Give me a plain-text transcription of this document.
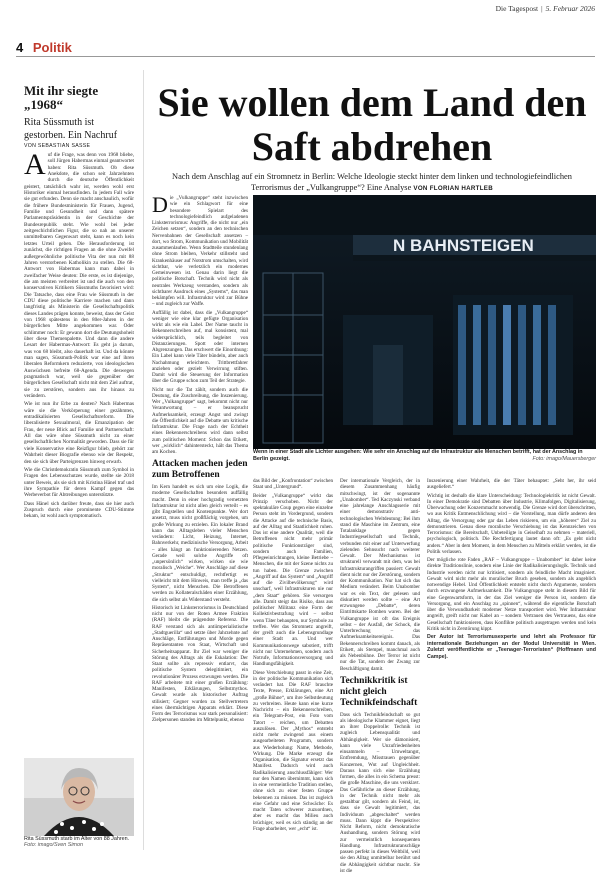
Die Tagespost | 5. Februar 2026
4 Politik
Mit ihr siegte
„1968“
Rita Süssmuth ist
gestorben. Ein Nachruf
VON SEBASTIAN SASSE

Auf die Frage, was denn von 1968 bliebe, soll Jürgen Habermas einmal geantwortet haben: Rita Süssmuth. Ob diese Anekdote, die schon seit Jahrzehnten durch die deutsche Öffentlichkeit geistert, tatsächlich wahr ist, werden wohl erst Historiker einmal herausfinden. In jedem Fall wäre sie gut erfunden. Denn sie macht anschaulich, wofür die frühere Bundesministerin für Frauen, Jugend, Familie und Gesundheit und dann spätere Parlamentspräsidentin in der Geschichte der Bundesrepublik steht. Wie wohl bei jeder zeitgeschichtlichen Figur, die so nah an unserer unmittelbaren Gegenwart steht, kann es noch kein letztes Urteil geben. Die Herausforderung ist zunächst, die richtigen Fragen an die ohne Zweifel außergewöhnliche politische Vita der nun mit 88 Jahren verstorbenen Katholikin zu stellen. Die 68-Antwort von Habermas kann man dabei in zweifacher Weise deuten: Die erste, es ist diejenige, die am meisten verbreitet ist und die auch von den konservativen Kritikern Süssmuths favorisiert wird: Die Tatsache, dass eine Frau wie Süssmuth in der CDU diese politische Karriere machen und dann langfristig als Ministerin die Gesellschaftspolitik dieses Landes prägen konnte, beweist, dass der Geist von 1968 spätestens in den 80er-Jahren in der bürgerlichen Mitte angekommen war. Oder schlimmer noch: Er gewann dort die Deutungshoheit über diese Themenpalette. Und dann die andere Lesart der Habermas-Antwort: Es geht ja darum, was von 68 bleibt, also dauerhaft ist. Und da könnte man sagen, Süssmuth-Politik war eine auf ihren liberalen Reformkern reduzierte, von ideologischen Auswüchsen befreite 68-Agenda. Die deswegen pragmatisch war, weil sie gegenüber der bürgerlichen Gesellschaft nicht mit dem Ziel auftrat, sie zu zerstören, sondern aus ihr hinaus zu verändern.

Wie ist nun ihr Erbe zu deuten? Nach Habermas wäre sie die Verkörperung einer gezähmten, entradikalisierten Gesellschaftsreform. Die liberalisierte Sexualmoral, die Emanzipation der Frau, der neue Blick auf Familie und Partnerschaft: All das wäre ohne Süssmuth nicht zu einer gesellschaftlichen Normalität geworden. Dass sie für viele Konservative eine Reizfigur blieb, gehört zur Wahrheit dieser Biografie ebenso wie der Respekt, den sie sich über Parteigrenzen hinweg erwarb.

Wie die Christdemokratin Süssmuth zum Symbol in Fragen des Lebensschutzes wurde, stellte sie 2018 unter Beweis, als sie sich mit Kristina Hänel traf und ihre Sympathie für deren Kampf gegen das Werbeverbot für Abtreibungen unterstützte.

Dass Hänel sich darüber freute, dass sie hier auch Zuspruch durch eine prominente CDU-Stimme bekam, ist wohl auch symptomatisch.

Rita Süssmuth starb im Alter von 88 Jahren.
Foto: imago/Sven Simon
Sie wollen dem Land den
Saft abdrehen
Nach dem Anschlag auf ein Stromnetz in Berlin: Welche Ideologie steckt hinter dem linken und technologiefeindlichen Terrorismus der „Vulkangruppe“? Eine Analyse VON FLORIAN HARTLEB

Die „Vulkangruppe“ steht inzwischen wie ein Schlagwort für eine besondere Spielart des technologiefeindlich aufgeladenen Linksterrorismus: Angriffe, die nicht nur „ein Zeichen setzen“, sondern an den technischen Nervenbahnen der Gesellschaft ansetzen – dort, wo Strom, Kommunikation und Mobilität zusammenlaufen. Wenn Stadtteile stundenlang ohne Strom bleiben, Verkehr stillsteht und Krankenhäuser auf Notstrom umschalten, wird sichtbar, wie verletzlich ein modernes Gemeinwesen ist. Genau darin liegt die politische Botschaft. Technik wird nicht als neutrales Werkzeug verstanden, sondern als sichtbarer Ausdruck eines „Systems“, das man bekämpfen will. Infrastruktur wird zur Bühne – und zugleich zur Waffe.

Auffällig ist dabei, dass die „Vulkangruppe“ weniger wie eine klar gefügte Organisation wirkt als wie ein Label. Der Name taucht in Bekennerschreiben auf, mal konsistent, mal widersprüchlich, teils begleitet von Distanzierungen. Spott oder internen Abgrenzungen. Das erschwert die Einordnung: Ein Label kann viele Täter bündeln, aber auch Nachahmung erleichtern. Trittbrettfahrer anziehen oder gezielt Verwirrung stiften. Damit wird die Steuerung der Information über die Gruppe schon zum Teil der Strategie.

Nicht nur die Tat zählt, sondern auch die Deutung, die Zuschreibung, die Inszenierung. Wer „Vulkangruppe“ sagt, bekommt nicht nur Verantwortung – er beansprucht Aufmerksamkeit, erzeugt Angst und zwingt die Öffentlichkeit auf die Debatte um kritische Infrastruktur. Die Frage nach der Echtheit eines Bekennerschreibens wird dann selbst zum politischen Moment: Schon das Etikett, wer „wirklich“ dahintersteckt, hält das Thema am Kochen.

Attacken machen jeden zum Betroffenen

Im Kern handelt es sich um eine Logik, die moderne Gesellschaften besonders auffällig macht. Denn in einer hochgradig vernetzten Infrastruktur ist nicht allen gleich verteilt – es gibt Engstellen und Knotenpunkte. Wer dort ansetzt, muss nicht großflächig vorgehen, um große Wirkung zu erzielen. Ein lokaler Brand kann das Alltagsleben vieler Menschen verändern: Licht, Heizung, Internet, Bahnverkehr, medizinische Versorgung, Arbeit – alles hängt an funktionierenden Netzen. Gerade weil solche Angriffe oft „unpersönlich“ wirken, wirken sie wie moralisch „Weiche“. Wer Anschläge auf diese „Struktur“ entschuldigt, rechtfertigt es vielleicht mit dem Hinweis, man treffe ja „das System“, nicht Menschen. Die Betroffenen werden zu Kollateralschäden einer Erzählung, die sich selbst als Widerstand versteht.

Historisch ist Linksterrorismus in Deutschland nicht nur von der Roten Armee Fraktion (RAF) bleibt die prägendste Referenz. Die RAF verstand sich als antiimperialistische „Stadtguerilla“ und setzte über Jahrzehnte auf Anschläge, Entführungen und Morde gegen Repräsentanten von Staat, Wirtschaft und Sicherheitsapparat. Ihr Ziel war weniger die Störung des Alltags als die Eskalation: Der Staat sollte als repressiv entlarvt, das politische System delegitimiert, ein revolutionärer Prozess erzwungen werden. Die RAF arbeitete mit einer großen Erzählung: Manifesten, Erklärungen, Selbstmythos. Gewalt wurde als historischer Auftrag stilisiert; Gegner wurden zu Stellvertretern eines übermächtigen Apparats erklärt. Diese Form des Terrorismus war stark personalisiert: Zielpersonen standen im Mittelpunkt, ebenso

N BAHNSTEIGEN
Wenn in einer Stadt alle Lichter ausgehen: Wie sehr ein Anschlag auf die Infrastruktur alle Menschen betrifft, hat der Anschlag in Berlin gezeigt.	Foto: imago/Mauersberger

das Bild der „Konfrontation“ zwischen Staat und „Untergrund“.

Beider „Vulkangruppe“ wirkt das Prinzip verschoben. Nicht der spektakuläre Coup gegen eine einzelne Person steht im Vordergrund, sondern die Attacke auf die technische Basis, auf der Alltag und Staatlichkeit ruhen. Das ist eine andere Qualität, weil die Betroffenen nicht mehr primär politische Funktionsträger sind, sondern auch Familien, Pflegeeinrichtungen, kleine Betriebe – Menschen, die mit der Szene nichts zu tun haben. Die Grenze zwischen „Angriff auf das System“ und „Angriff auf die Zivilbevölkerung“ wird unscharf, weil Infrastrukturen nie nur „dem Staat“ gehören. Sie versorgen alle. Damit steigt das Risiko, dass aus politischer Militanz eine Form der Kollektivbestrafung wird – selbst wenn Täter behaupten, nur Symbole zu treffen. Wer das Stromnetz angreift, der greift auch die Lebensgrundlage einer Stadt an. Und wer Kommunikationswege sabotiert, trifft nicht nur Unternehmen, sondern auch Notrufe, Informationsversorgung und Handlungsfähigkeit.

Diese Verschiebung passt in eine Zeit, in der politische Kommunikation sich verändert hat. Die RAF brauchte Texte, Presse, Erklärungen, eine Art „große Bühne“, um ihre Selbstdeutung zu verbreiten. Heute kann eine kurze Nachricht – ein Bekennerschreiben, ein Telegram-Post, ein Foto vom Tatort – reichen, um Debatten auszulösen. Der „Mythos“ entsteht nicht mehr zwingend aus einem ausgearbeiteten Programm, sondern aus Wiederholung: Name, Methode, Wirkung. Die Marke erzeugt die Organisation, die Signatur ersetzt das Manifest. Dadurch wird auch Radikalisierung anschlussfähiger: Wer nur den Namen übernimmt, kann sich in eine vermeintliche Tradition stellen, ohne sich zu einer festen Gruppe bekennen zu müssen. Das ist zugleich eine Gefahr und eine Schwäche: Es macht Taten schwerer zuzuordnen, aber es macht das Milieu auch brüchiger, weil es sich ständig an der Frage abarbeitet, wer „echt“ ist.

Der internationale Vergleich, der in diesem Zusammenhang häufig mitschwingt, ist der sogenannte „Unabomber“. Ted Kaczynski verband eine jahrelange Anschlagsserie mit einer demonstrativ anti-technologischen Weltdeutung: Bei ihm stand die Maschine im Zentrum, eine Totalanklage gegen Industriegesellschaft und Technik, verbunden mit einer auf Unterwerfung zielenden Sehnsucht nach weiterer Gewalt. Der Mechanismus ist strukturell verwandt mit dem, was bei Infrastrukturangriffen passiert: Gewalt dient nicht nur der Zerstörung, sondern der Kommunikation. Nur hat sich das Medium verändert. Beim Unabomber war es ein Text, der gelesen und diskutiert werden sollte – eine Art erzwungene „Debatte“, deren Eintrittskarte Bomben waren. Bei der Vulkangruppe ist oft das Ereignis selbst – der Ausfall, der Schock, die Unterbrechung – das Aufmerksamkeitsereignis. Das Bekennerschreiben kommt danach, als Etikett, als Stempel, manchmal auch als Nebenbühne. Der Terror ist nicht nur die Tat, sondern der Zwang zur Beschäftigung damit.

Technikkritik ist nicht gleich Technikfeindschaft

Dass sich Technikfeindschaft so gut als ideologische Klammer eignet, liegt an ihrer Doppelrolle: Technik ist zugleich Lebensqualität und Abhängigkeit. Wer sie dämonisiert, kann viele Unzufriedenheiten einsammeln – Umweltangst, Entfremdung, Misstrauen gegenüber Konzernen, Wut auf Ungleichheit. Daraus kann sich eine Erzählung formen, die alles in ein Schema presst: die große Maschine, die uns versklavt. Das Gefährliche an dieser Erzählung, in der Technik nicht mehr als gestaltbar gilt, sondern als Feind, ist, dass sie Gewalt legitimiert, das Individuum „abgeschaltet“ werden muss. Dann kippt die Perspektive: Nicht Reform, nicht demokratische Aushandlung, sondern Störung wird zur vermeintlich konsequenten Handlung. Infrastrukturanschläge passen perfekt in dieses Weltbild, weil sie den Alltag unmittelbar berührt und die Abhängigkeit sichtbar macht. Sie ist die

Inszenierung einer Wahrheit, die der Täter behauptet: „Seht her, ihr seid ausgeliefert.“

Wichtig ist deshalb die klare Unterscheidung: Technologiekritik ist nicht Gewalt. In einer Demokratie sind Debatten über Industrie, Klimafolgen, Digitalisierung, Überwachung oder Konzernmacht notwendig. Die Grenze wird dort überschritten, wo aus Kritik Entmenschlichung wird – die Vorstellung, man dürfe anderen den Alltag, die Versorgung oder gar das Leben riskieren, um ein „höheres“ Ziel zu demonstrieren. Genau diese moralische Verschiebung ist das Kennzeichen von Terrorismus: die Bereitschaft, Unbeteiligte in Geiselhaft zu nehmen – materiell, psychologisch, politisch. Die Rechtfertigung lautet dann oft: „Es geht nicht anders.“ Aber in dem Moment, in dem Menschen zu Mitteln erklärt werden, ist die Politik verlassen.

Der mögliche rote Faden „RAF – Vulkangruppe – Unabomber“ ist daher keine direkte Traditionslinie, sondern eine Linie der Radikalisierungslogik. Technik und Industrie werden nicht nur kritisiert, sondern als feindliche Macht imaginiert. Gewalt wird nicht mehr als moralischer Bruch gesehen, sondern als angeblich notwendige Hebel. Und Öffentlichkeit entsteht nicht durch Argumente, sondern durch erzwungene Aufmerksamkeit. Die Vulkangruppe steht in diesem Bild für eine Gegenwartsform, in der das Ziel weniger die Person ist, sondern die Versorgung, und ein Anschlag zu „spinnen“, während die eigentliche Botschaft über die Verwundbarkeit moderner Netze transportiert wird. Wer Infrastruktur angreift, greift nicht nur Kabel an – sondern Vertrauen des Vertrauens, das eine Gesellschaft funktionieren, dass Konflikte politisch ausgetragen werden und kein Kritik nicht in Zerstörung kippt.

Der Autor ist Terrorismusexperte und lehrt als Professor für internationale Beziehungen an der Modul Universität in Wien. Zuletzt veröffentlichte er „Teenager-Terroristen“ (Hoffmann und Campe).
